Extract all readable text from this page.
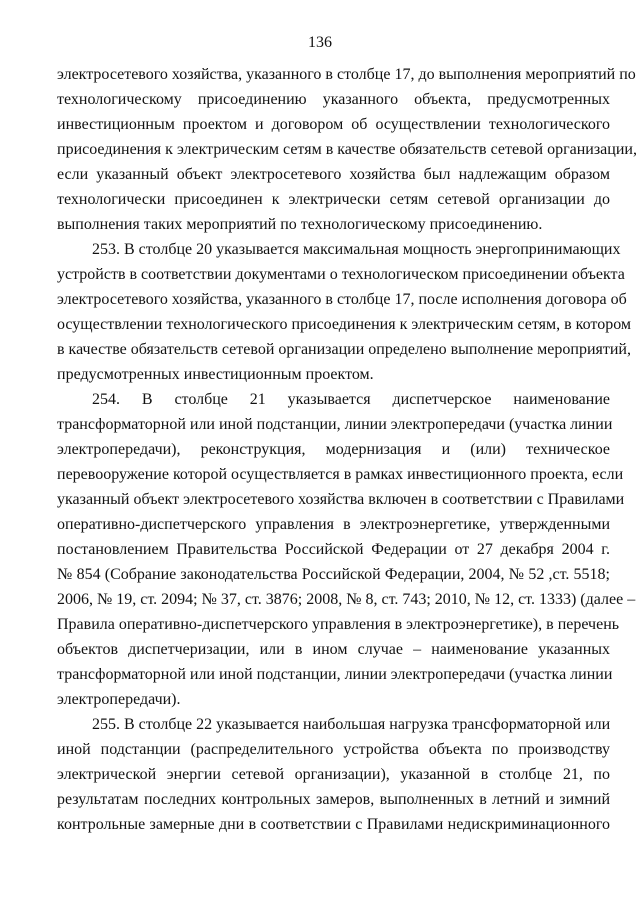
136
электросетевого хозяйства, указанного в столбце 17, до выполнения мероприятий по
технологическому присоединению указанного объекта, предусмотренных
инвестиционным проектом и договором об осуществлении технологического
присоединения к электрическим сетям в качестве обязательств сетевой организации,
если указанный объект электросетевого хозяйства был надлежащим образом
технологически присоединен к электрически сетям сетевой организации до
выполнения таких мероприятий по технологическому присоединению.
253. В столбце 20 указывается максимальная мощность энергопринимающих
устройств в соответствии документами о технологическом присоединении объекта
электросетевого хозяйства, указанного в столбце 17, после исполнения договора об
осуществлении технологического присоединения к электрическим сетям, в котором
в качестве обязательств сетевой организации определено выполнение мероприятий,
предусмотренных инвестиционным проектом.
254. В столбце 21 указывается диспетчерское наименование
трансформаторной или иной подстанции, линии электропередачи (участка линии
электропередачи), реконструкция, модернизация и (или) техническое
перевооружение которой осуществляется в рамках инвестиционного проекта, если
указанный объект электросетевого хозяйства включен в соответствии с Правилами
оперативно-диспетчерского управления в электроэнергетике, утвержденными
постановлением Правительства Российской Федерации от 27 декабря 2004 г.
№ 854 (Собрание законодательства Российской Федерации, 2004, № 52 ,ст. 5518;
2006, № 19, ст. 2094; № 37, ст. 3876; 2008, № 8, ст. 743; 2010, № 12, ст. 1333) (далее –
Правила оперативно-диспетчерского управления в электроэнергетике), в перечень
объектов диспетчеризации, или в ином случае – наименование указанных
трансформаторной или иной подстанции, линии электропередачи (участка линии
электропередачи).
255. В столбце 22 указывается наибольшая нагрузка трансформаторной или
иной подстанции (распределительного устройства объекта по производству
электрической энергии сетевой организации), указанной в столбце 21, по
результатам последних контрольных замеров, выполненных в летний и зимний
контрольные замерные дни в соответствии с Правилами недискриминационного
